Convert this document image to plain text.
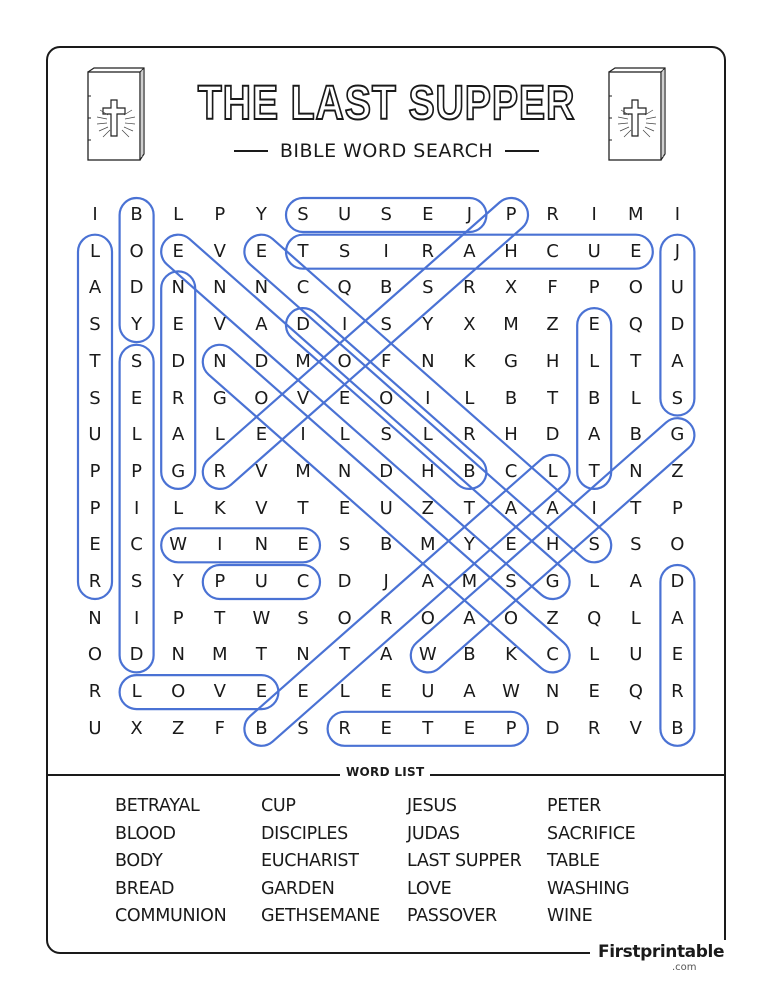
THE LAST SUPPER
BIBLE WORD SEARCH
I	B	L	P	Y	S	U	S	E	J	P	R	I	M	I
L	O	E	V	E	T	S	I	R	A	H	C	U	E	J
A	D	N	N	N	C	Q	B	S	R	X	F	P	O	U
S	Y	E	V	A	D	I	S	Y	X	M	Z	E	Q	D
T	S	D	N	D	M	O	F	N	K	G	H	L	T	A
S	E	R	G	O	V	E	O	I	L	B	T	B	L	S
U	L	A	L	E	I	L	S	L	R	H	D	A	B	G
P	P	G	R	V	M	N	D	H	B	C	L	T	N	Z
P	I	L	K	V	T	E	U	Z	T	A	A	I	T	P
E	C	W	I	N	E	S	B	M	Y	E	H	S	S	O
R	S	Y	P	U	C	D	J	A	M	S	G	L	A	D
N	I	P	T	W	S	O	R	O	A	O	Z	Q	L	A
O	D	N	M	T	N	T	A	W	B	K	C	L	U	E
R	L	O	V	E	E	L	E	U	A	W	N	E	Q	R
U	X	Z	F	B	S	R	E	T	E	P	D	R	V	B
WORD LIST
BETRAYAL	CUP	JESUS	PETER
BLOOD	DISCIPLES	JUDAS	SACRIFICE
BODY	EUCHARIST	LAST SUPPER	TABLE
BREAD	GARDEN	LOVE	WASHING
COMMUNION	GETHSEMANE	PASSOVER	WINE
Firstprintable
.com
